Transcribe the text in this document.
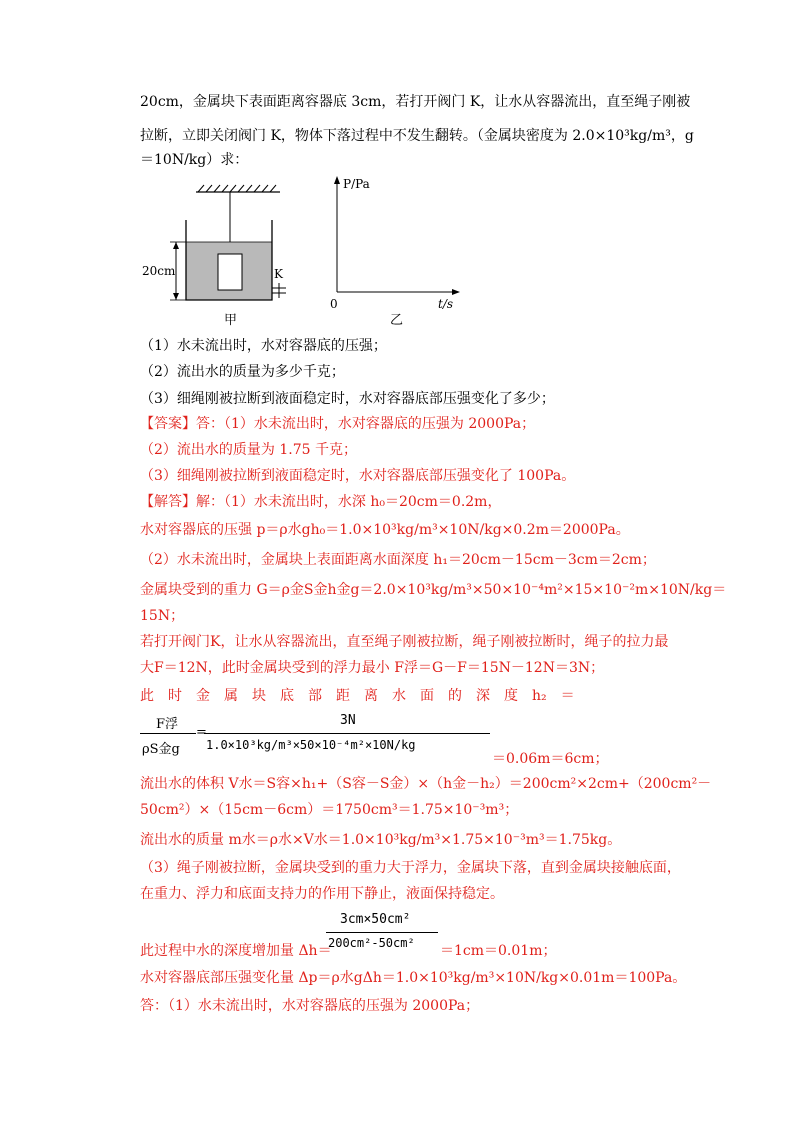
20cm，金属块下表面距离容器底 3cm，若打开阀门 K，让水从容器流出，直至绳子刚被
拉断，立即关闭阀门 K，物体下落过程中不发生翻转。（金属块密度为 2.0×10³kg/m³，g
＝10N/kg）求：
20cm	K
甲
P/Pa
0	t/s
乙
（1）水未流出时，水对容器底的压强；
（2）流出水的质量为多少千克；
（3）细绳刚被拉断到液面稳定时，水对容器底部压强变化了多少；
【答案】答：（1）水未流出时，水对容器底的压强为 2000Pa；
（2）流出水的质量为 1.75 千克；
（3）细绳刚被拉断到液面稳定时，水对容器底部压强变化了 100Pa。
【解答】解：（1）水未流出时，水深 h₀＝20cm＝0.2m，
水对容器底的压强 p＝ρ水gh₀＝1.0×10³kg/m³×10N/kg×0.2m＝2000Pa。
（2）水未流出时，金属块上表面距离水面深度 h₁＝20cm－15cm－3cm＝2cm；
金属块受到的重力 G＝ρ金S金h金g＝2.0×10³kg/m³×50×10⁻⁴m²×15×10⁻²m×10N/kg＝
15N；
若打开阀门K，让水从容器流出，直至绳子刚被拉断，绳子刚被拉断时，绳子的拉力最
大F＝12N，此时金属块受到的浮力最小 F浮＝G－F＝15N－12N＝3N；
此　时　金　属　块　底　部　距　离　水　面　的　深　度　h₂　＝
F浮
ρS金g
=
3N
1.0×10³kg/m³×50×10⁻⁴m²×10N/kg
＝0.06m＝6cm；
流出水的体积 V水＝S容×h₁+（S容－S金）×（h金－h₂）＝200cm²×2cm+（200cm²－
50cm²）×（15cm－6cm）＝1750cm³＝1.75×10⁻³m³；
流出水的质量 m水＝ρ水×V水＝1.0×10³kg/m³×1.75×10⁻³m³＝1.75kg。
（3）绳子刚被拉断，金属块受到的重力大于浮力，金属块下落，直到金属块接触底面，
在重力、浮力和底面支持力的作用下静止，液面保持稳定。
3cm×50cm²
此过程中水的深度增加量 Δh＝
200cm²-50cm² ＝1cm＝0.01m；
水对容器底部压强变化量 Δp＝ρ水gΔh＝1.0×10³kg/m³×10N/kg×0.01m＝100Pa。
答：（1）水未流出时，水对容器底的压强为 2000Pa；
